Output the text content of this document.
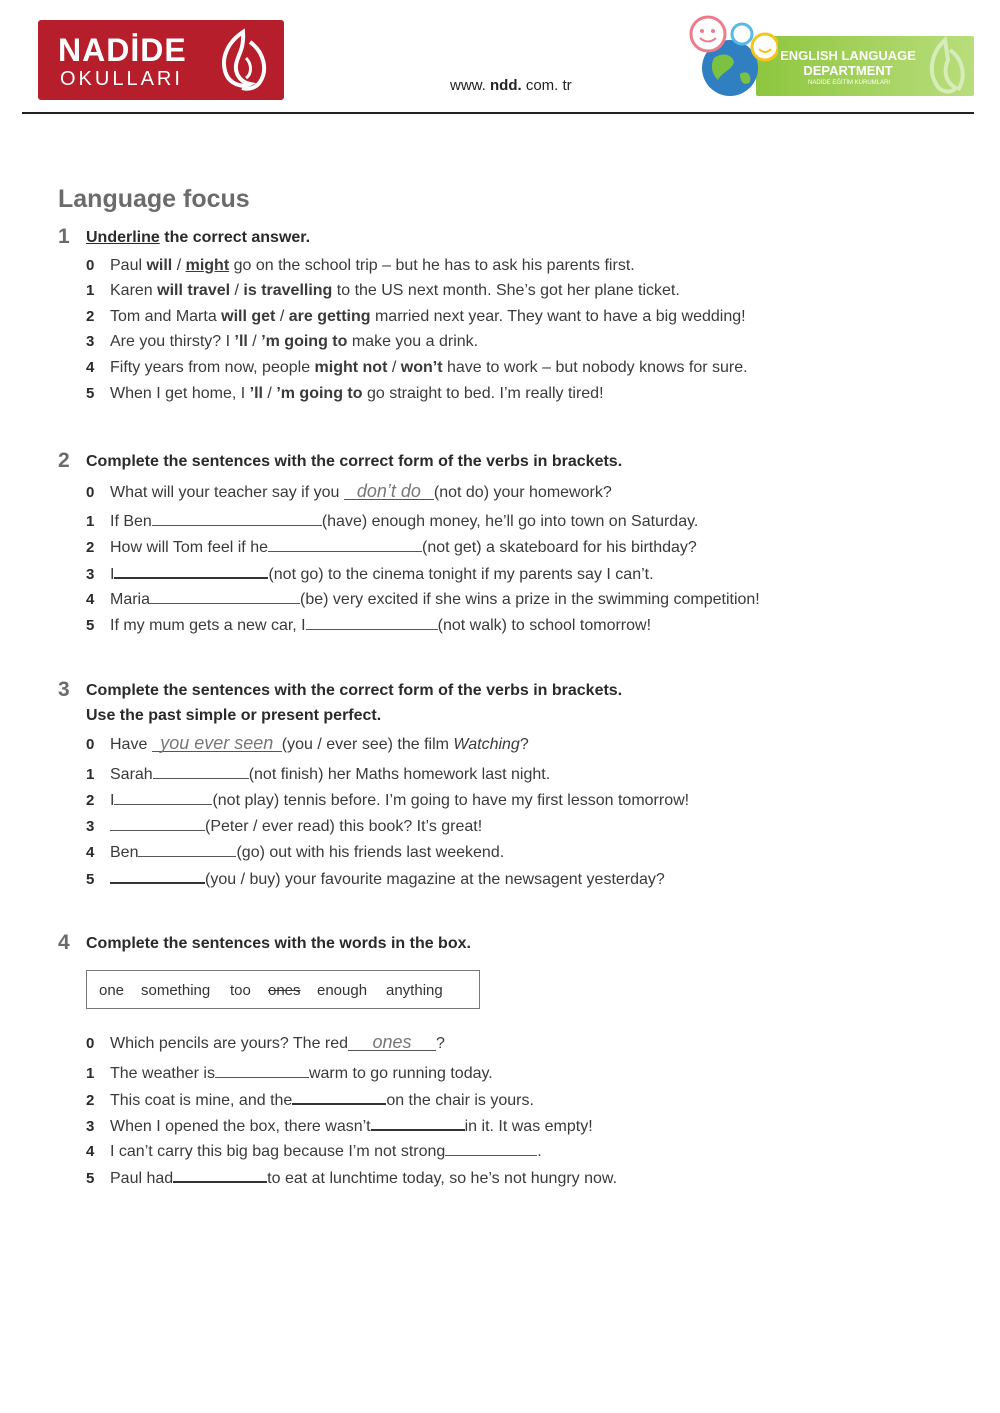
NADİDE
OKULLARI	www. ndd. com. tr
ENGLISH LANGUAGE
DEPARTMENT
NADİDE EĞİTİM KURUMLARI
Language focus
1 Underline the correct answer.
0 Paul will / might go on the school trip – but he has to ask his parents first.
1 Karen will travel / is travelling to the US next month. She’s got her plane ticket.
2 Tom and Marta will get / are getting married next year. They want to have a big wedding!
3 Are you thirsty? I ’ll / ’m going to make you a drink.
4 Fifty years from now, people might not / won’t have to work – but nobody knows for sure.
5 When I get home, I ’ll / ’m going to go straight to bed. I’m really tired!
2 Complete the sentences with the correct form of the verbs in brackets.
0 What will your teacher say if you don’t do (not do) your homework?
1 If Ben	(have) enough money, he’ll go into town on Saturday.
2 How will Tom feel if he	(not get) a skateboard for his birthday?
3 I	(not go) to the cinema tonight if my parents say I can’t.
4 Maria	(be) very excited if she wins a prize in the swimming competition!
5 If my mum gets a new car, I	(not walk) to school tomorrow!
3 Complete the sentences with the correct form of the verbs in brackets.
Use the past simple or present perfect.
0 Have you ever seen (you / ever see) the film Watching?
1 Sarah	(not finish) her Maths homework last night.
2 I	(not play) tennis before. I’m going to have my first lesson tomorrow!
3	(Peter / ever read) this book? It’s great!
4 Ben	(go) out with his friends last weekend.
5	(you / buy) your favourite magazine at the newsagent yesterday?
4 Complete the sentences with the words in the box.
one something too ones enough anything
0 Which pencils are yours? The red ones ?
1 The weather is	warm to go running today.
2 This coat is mine, and the	on the chair is yours.
3 When I opened the box, there wasn’t	in it. It was empty!
4 I can’t carry this big bag because I’m not strong	.
5 Paul had	to eat at lunchtime today, so he’s not hungry now.
